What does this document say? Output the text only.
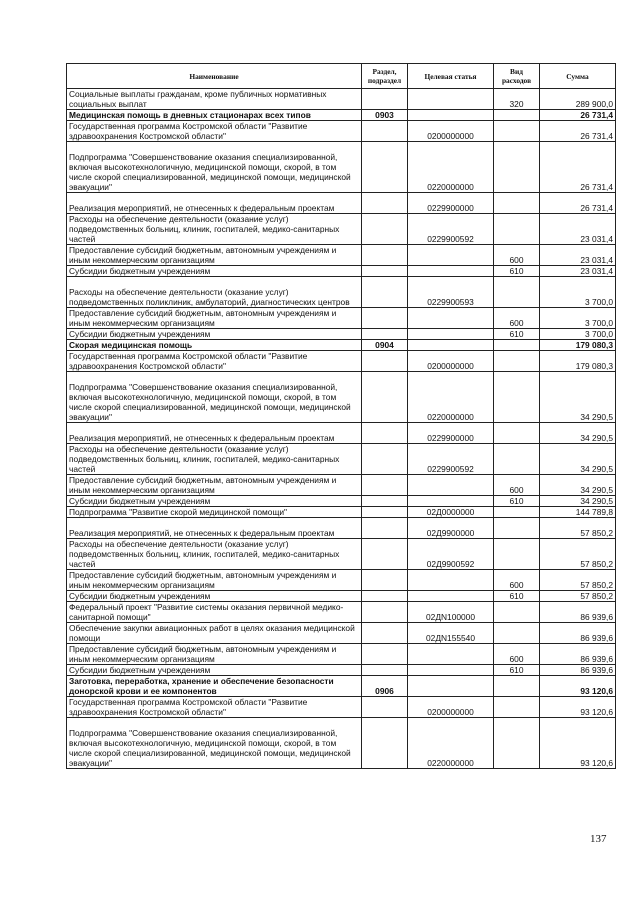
Наименование	Раздел, подраздел	Целевая статья	Вид расходов	Сумма
Социальные выплаты гражданам, кроме публичных нормативных социальных выплат			320	289 900,0
Медицинская помощь в дневных стационарах всех типов	0903			26 731,4
Государственная программа Костромской области "Развитие здравоохранения Костромской области"		0200000000		26 731,4
Подпрограмма "Совершенствование оказания специализированной, включая высокотехнологичную, медицинской помощи, скорой, в том числе скорой специализированной, медицинской помощи, медицинской эвакуации"		0220000000		26 731,4
Реализация мероприятий, не отнесенных к федеральным проектам		0229900000		26 731,4
Расходы на обеспечение деятельности (оказание услуг) подведомственных больниц, клиник, госпиталей, медико-санитарных частей		0229900592		23 031,4
Предоставление субсидий бюджетным, автономным учреждениям и иным некоммерческим организациям			600	23 031,4
Субсидии бюджетным учреждениям			610	23 031,4
Расходы на обеспечение деятельности (оказание услуг) подведомственных поликлиник, амбулаторий, диагностических центров		0229900593		3 700,0
Предоставление субсидий бюджетным, автономным учреждениям и иным некоммерческим организациям			600	3 700,0
Субсидии бюджетным учреждениям			610	3 700,0
Скорая медицинская помощь	0904			179 080,3
Государственная программа Костромской области "Развитие здравоохранения Костромской области"		0200000000		179 080,3
Подпрограмма "Совершенствование оказания специализированной, включая высокотехнологичную, медицинской помощи, скорой, в том числе скорой специализированной, медицинской помощи, медицинской эвакуации"		0220000000		34 290,5
Реализация мероприятий, не отнесенных к федеральным проектам		0229900000		34 290,5
Расходы на обеспечение деятельности (оказание услуг) подведомственных больниц, клиник, госпиталей, медико-санитарных частей		0229900592		34 290,5
Предоставление субсидий бюджетным, автономным учреждениям и иным некоммерческим организациям			600	34 290,5
Субсидии бюджетным учреждениям			610	34 290,5
Подпрограмма "Развитие скорой медицинской помощи"		02Д0000000		144 789,8
Реализация мероприятий, не отнесенных к федеральным проектам		02Д9900000		57 850,2
Расходы на обеспечение деятельности (оказание услуг) подведомственных больниц, клиник, госпиталей, медико-санитарных частей		02Д9900592		57 850,2
Предоставление субсидий бюджетным, автономным учреждениям и иным некоммерческим организациям			600	57 850,2
Субсидии бюджетным учреждениям			610	57 850,2
Федеральный проект "Развитие системы оказания первичной медико-санитарной помощи"		02ДN100000		86 939,6
Обеспечение закупки авиационных работ в целях оказания медицинской помощи		02ДN155540		86 939,6
Предоставление субсидий бюджетным, автономным учреждениям и иным некоммерческим организациям			600	86 939,6
Субсидии бюджетным учреждениям			610	86 939,6
Заготовка, переработка, хранение и обеспечение безопасности донорской крови и ее компонентов	0906			93 120,6
Государственная программа Костромской области "Развитие здравоохранения Костромской области"		0200000000		93 120,6
Подпрограмма "Совершенствование оказания специализированной, включая высокотехнологичную, медицинской помощи, скорой, в том числе скорой специализированной, медицинской помощи, медицинской эвакуации"		0220000000		93 120,6
137
